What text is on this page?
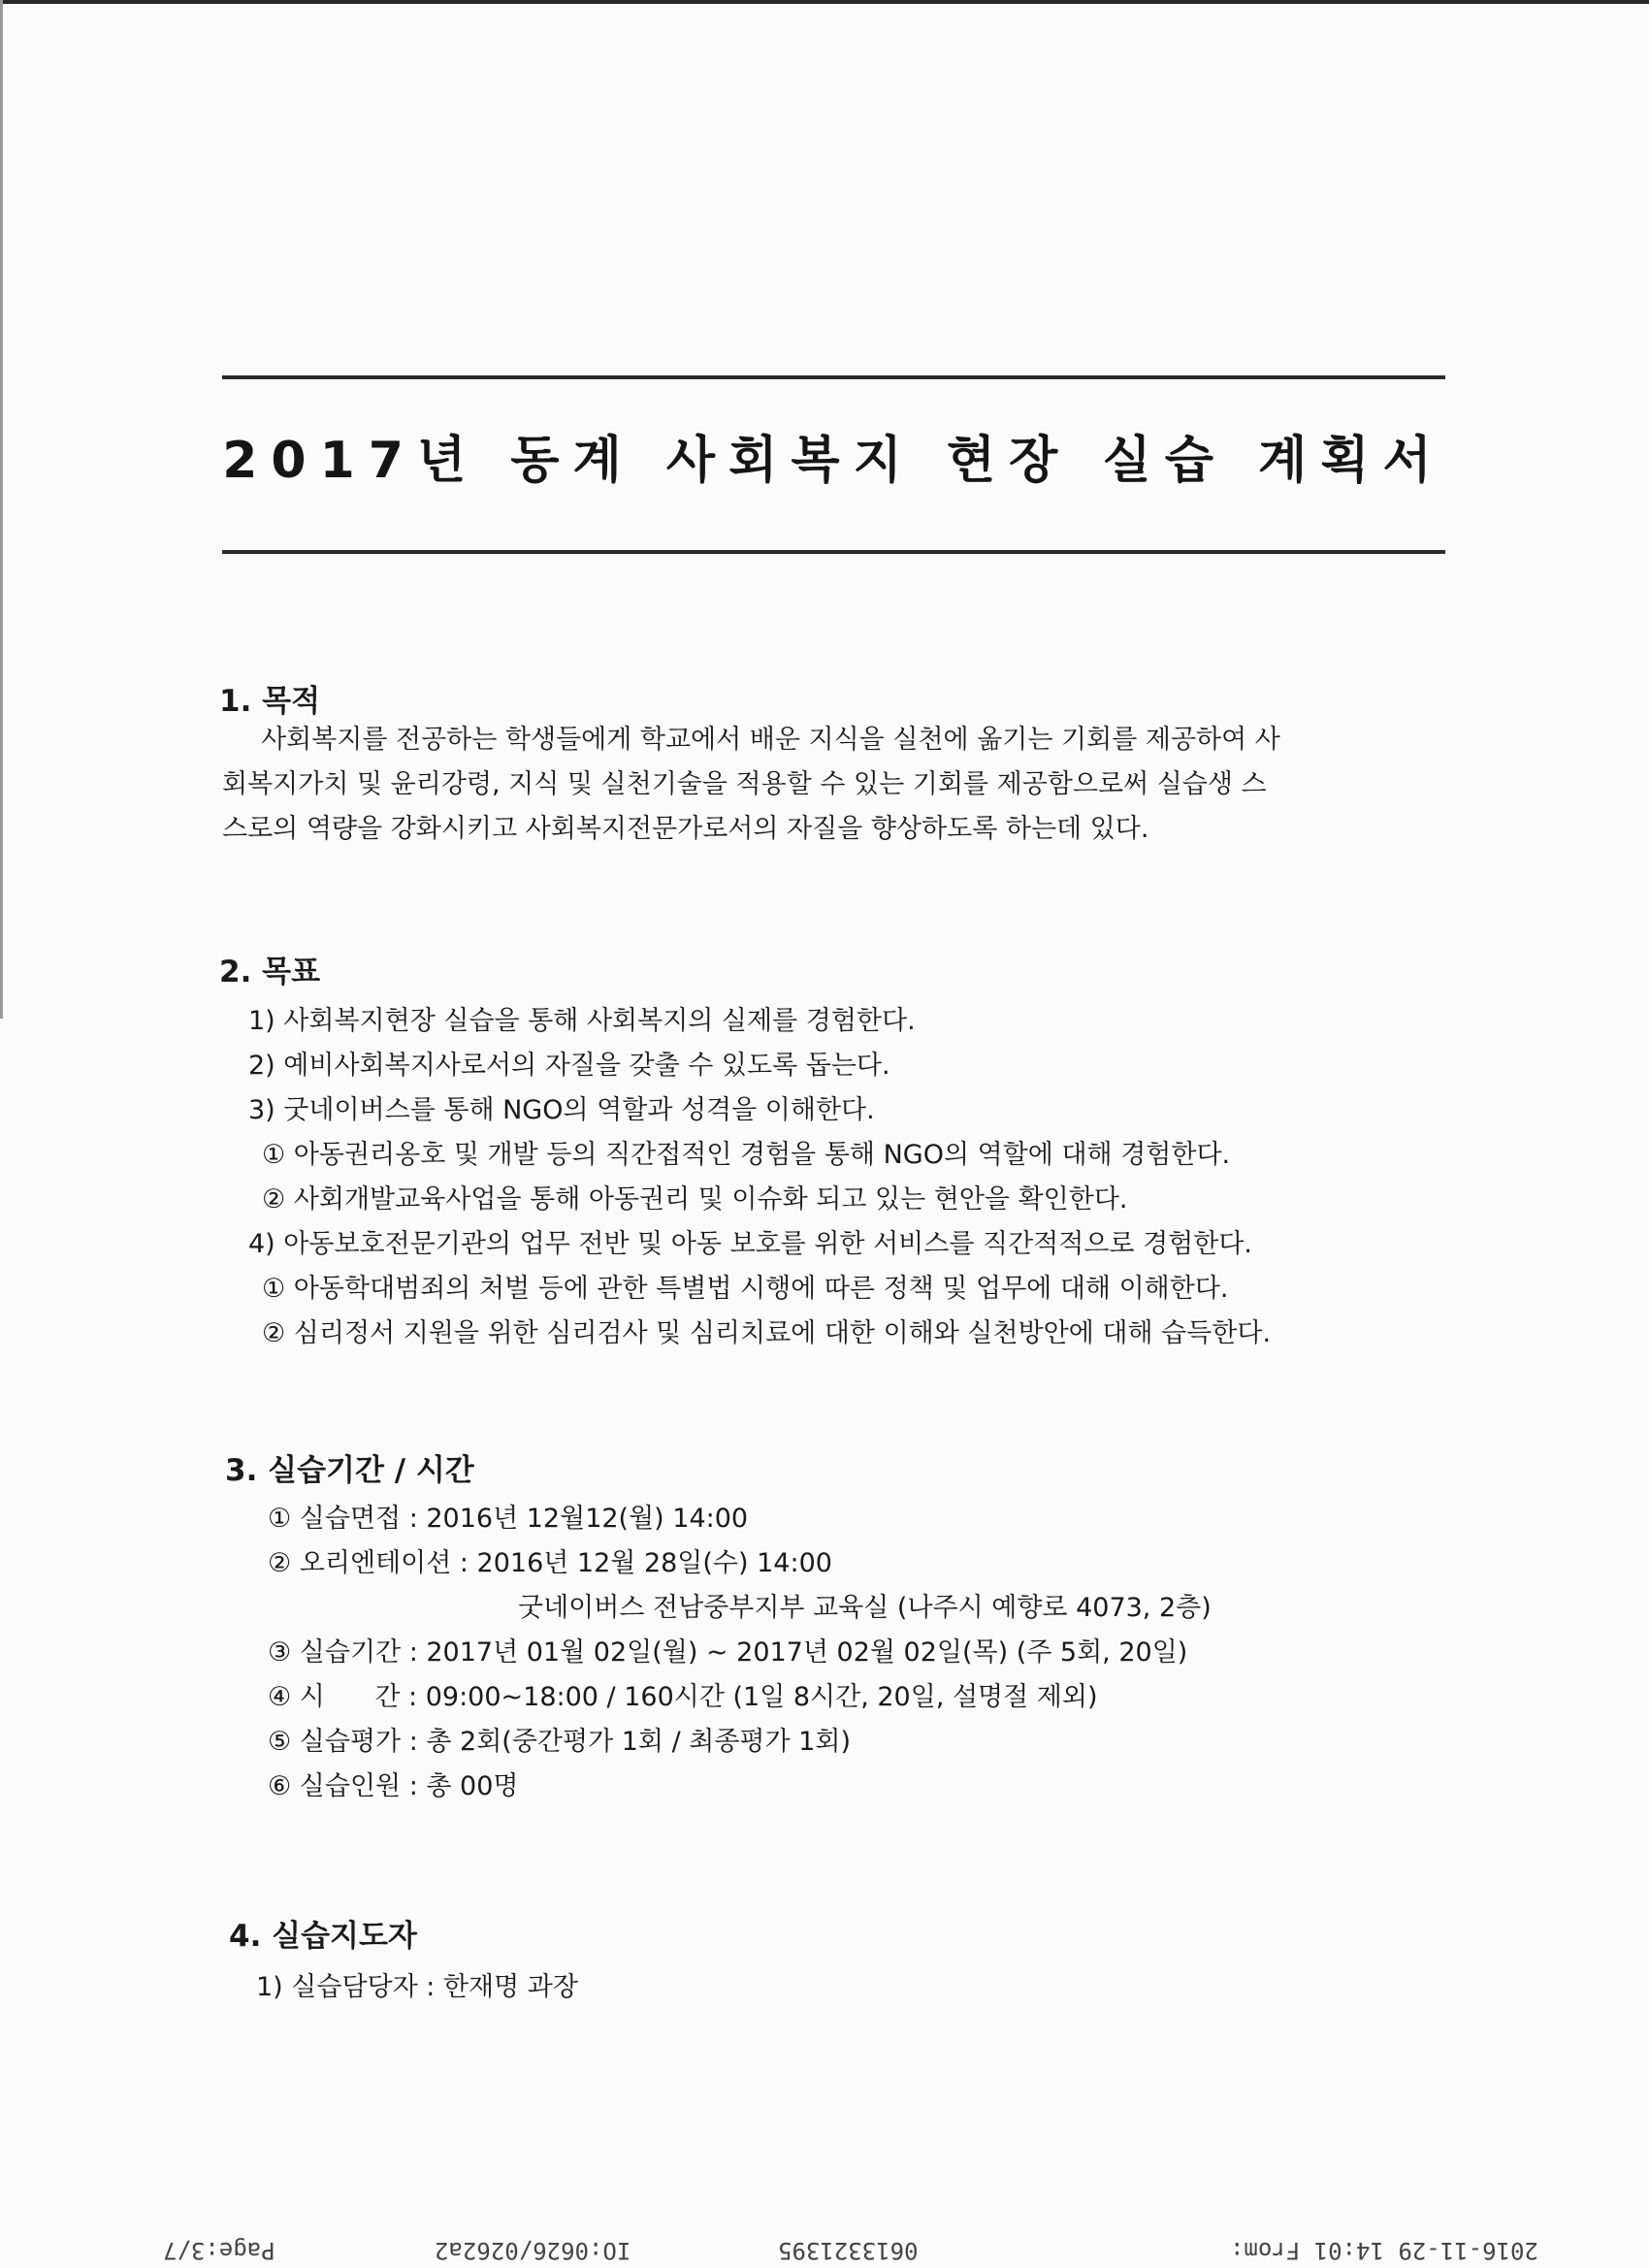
2017년 동계 사회복지 현장 실습 계획서
1. 목적

사회복지를 전공하는 학생들에게 학교에서 배운 지식을 실천에 옮기는 기회를 제공하여 사

회복지가치 및 윤리강령, 지식 및 실천기술을 적용할 수 있는 기회를 제공함으로써 실습생 스

스로의 역량을 강화시키고 사회복지전문가로서의 자질을 향상하도록 하는데 있다.

2. 목표
1) 사회복지현장 실습을 통해 사회복지의 실제를 경험한다.
2) 예비사회복지사로서의 자질을 갖출 수 있도록 돕는다.
3) 굿네이버스를 통해 NGO의 역할과 성격을 이해한다.
① 아동권리옹호 및 개발 등의 직간접적인 경험을 통해 NGO의 역할에 대해 경험한다.
② 사회개발교육사업을 통해 아동권리 및 이슈화 되고 있는 현안을 확인한다.
4) 아동보호전문기관의 업무 전반 및 아동 보호를 위한 서비스를 직간적적으로 경험한다.
① 아동학대범죄의 처벌 등에 관한 특별법 시행에 따른 정책 및 업무에 대해 이해한다.
② 심리정서 지원을 위한 심리검사 및 심리치료에 대한 이해와 실천방안에 대해 습득한다.
3. 실습기간 / 시간
① 실습면접 : 2016년 12월12(월) 14:00
② 오리엔테이션 : 2016년 12월 28일(수) 14:00
굿네이버스 전남중부지부 교육실 (나주시 예향로 4073, 2층)
③ 실습기간 : 2017년 01월 02일(월) ~ 2017년 02월 02일(목) (주 5회, 20일)
④ 시      간 : 09:00~18:00 / 160시간 (1일 8시간, 20일, 설명절 제외)
⑤ 실습평가 : 총 2회(중간평가 1회 / 최종평가 1회)
⑥ 실습인원 : 총 00명
4. 실습지도자
1) 실습담당자 : 한재명 과장
Page:3/7	IO:0626/0262a2	0613321395	2016-11-29 14:01 From:
